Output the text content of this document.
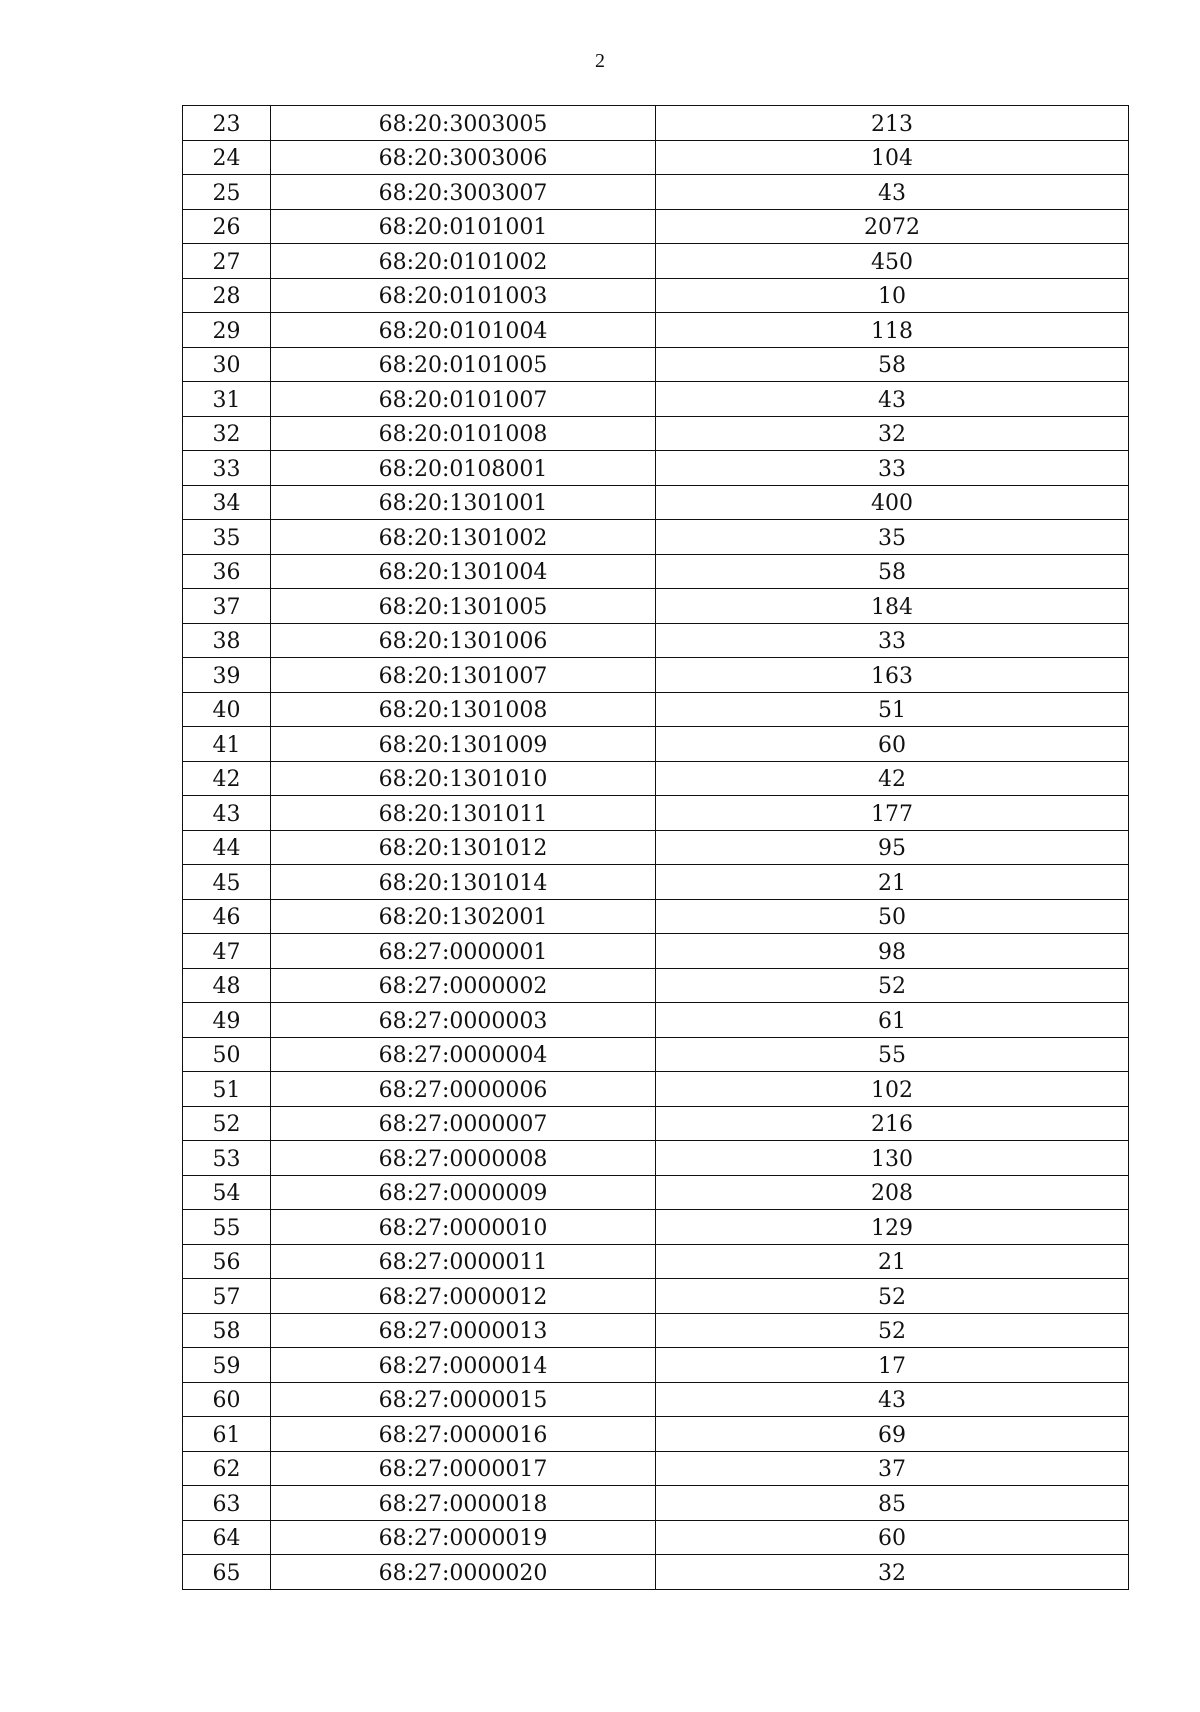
2
23	68:20:3003005	213
24	68:20:3003006	104
25	68:20:3003007	43
26	68:20:0101001	2072
27	68:20:0101002	450
28	68:20:0101003	10
29	68:20:0101004	118
30	68:20:0101005	58
31	68:20:0101007	43
32	68:20:0101008	32
33	68:20:0108001	33
34	68:20:1301001	400
35	68:20:1301002	35
36	68:20:1301004	58
37	68:20:1301005	184
38	68:20:1301006	33
39	68:20:1301007	163
40	68:20:1301008	51
41	68:20:1301009	60
42	68:20:1301010	42
43	68:20:1301011	177
44	68:20:1301012	95
45	68:20:1301014	21
46	68:20:1302001	50
47	68:27:0000001	98
48	68:27:0000002	52
49	68:27:0000003	61
50	68:27:0000004	55
51	68:27:0000006	102
52	68:27:0000007	216
53	68:27:0000008	130
54	68:27:0000009	208
55	68:27:0000010	129
56	68:27:0000011	21
57	68:27:0000012	52
58	68:27:0000013	52
59	68:27:0000014	17
60	68:27:0000015	43
61	68:27:0000016	69
62	68:27:0000017	37
63	68:27:0000018	85
64	68:27:0000019	60
65	68:27:0000020	32
